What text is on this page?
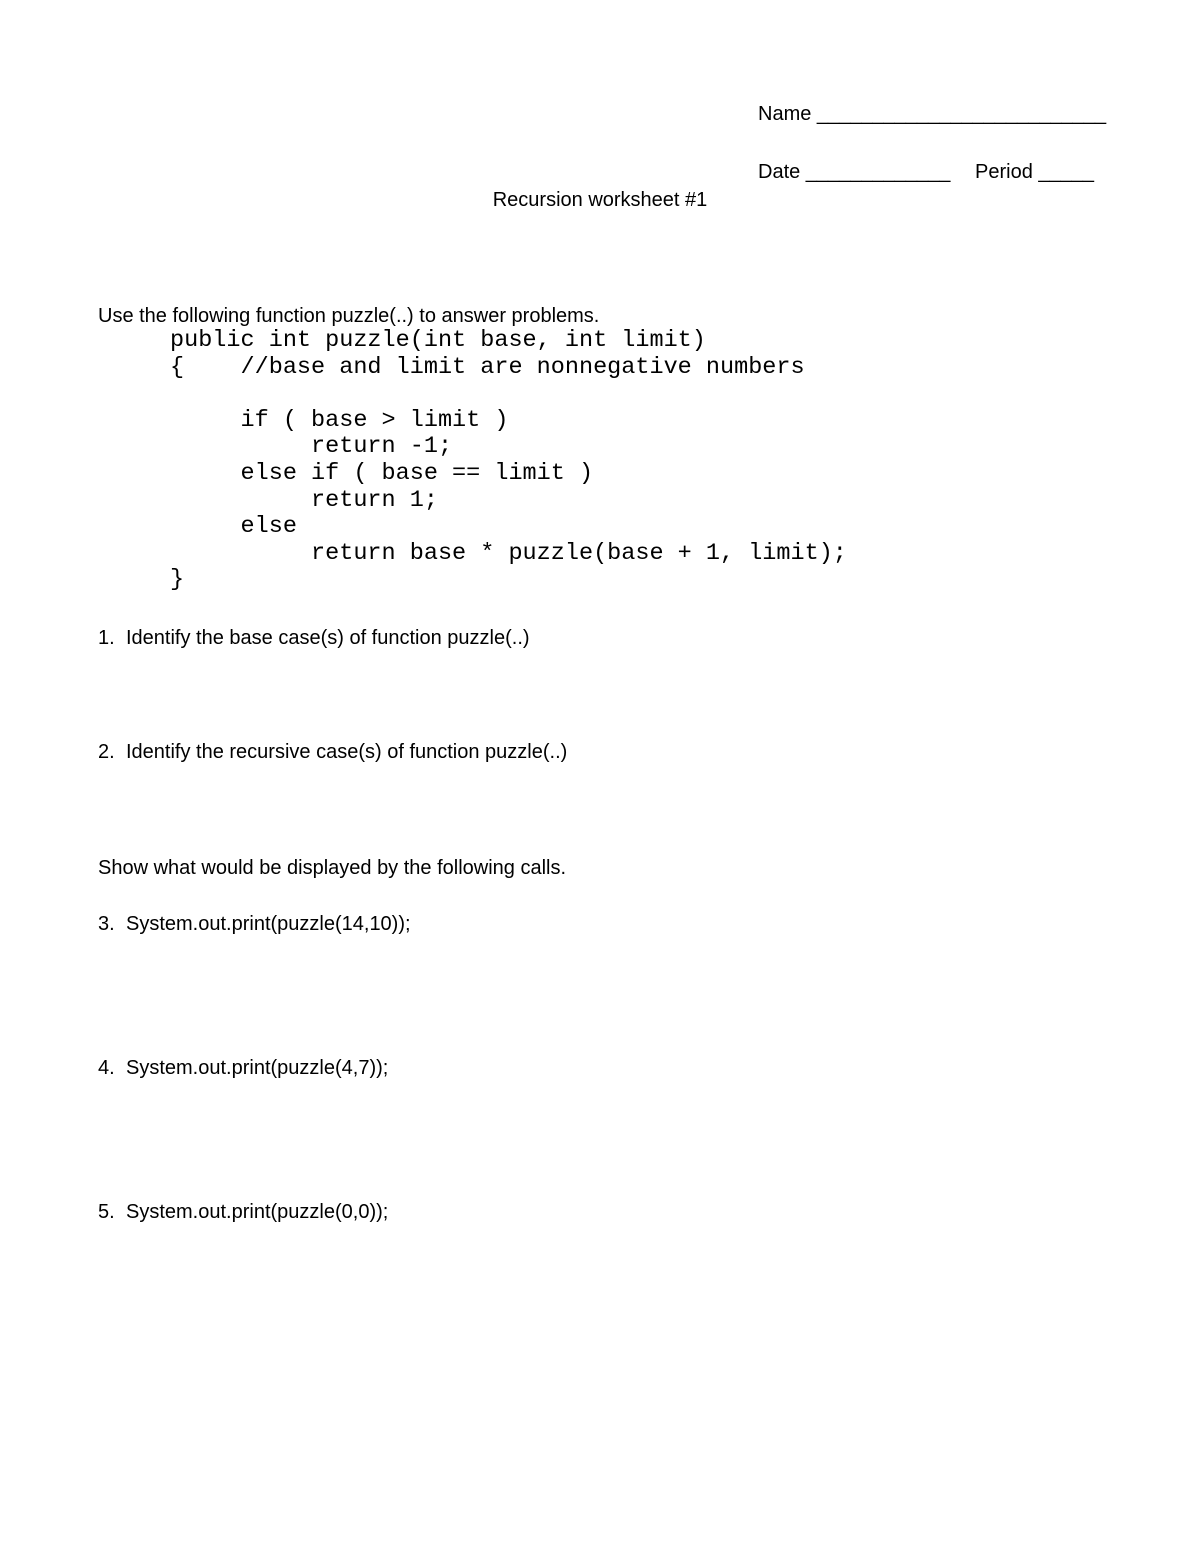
Name __________________________
Date _____________ Period _____
Recursion worksheet #1
Use the following function puzzle(..) to answer problems.
public int puzzle(int base, int limit)
{    //base and limit are nonnegative numbers

if ( base > limit )
return -1;
else if ( base == limit )
return 1;
else
return base * puzzle(base + 1, limit);
}
1. Identify the base case(s) of function puzzle(..)
2. Identify the recursive case(s) of function puzzle(..)
Show what would be displayed by the following calls.
3. System.out.print(puzzle(14,10));
4. System.out.print(puzzle(4,7));
5. System.out.print(puzzle(0,0));
